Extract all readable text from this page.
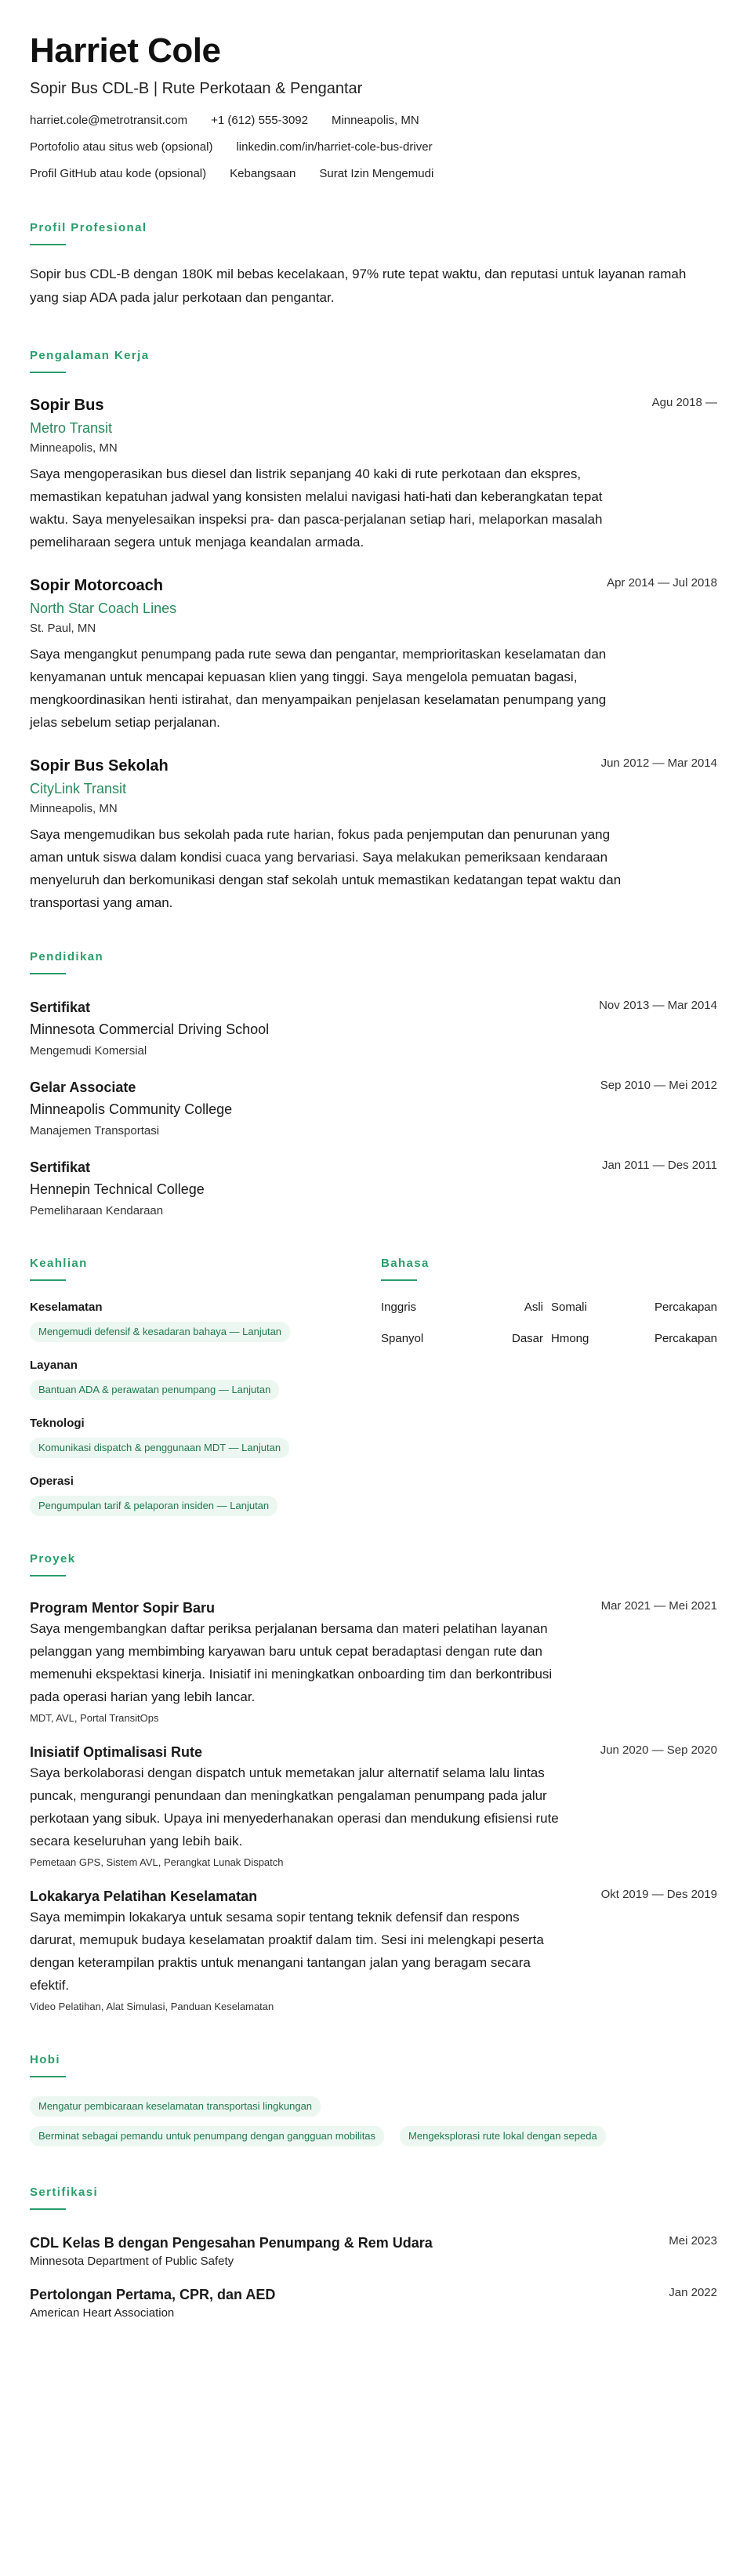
Harriet Cole
Sopir Bus CDL-B | Rute Perkotaan & Pengantar
harriet.cole@metrotransit.com +1 (612) 555-3092 Minneapolis, MN
Portofolio atau situs web (opsional) linkedin.com/in/harriet-cole-bus-driver
Profil GitHub atau kode (opsional) Kebangsaan Surat Izin Mengemudi
Profil Profesional
Sopir bus CDL-B dengan 180K mil bebas kecelakaan, 97% rute tepat waktu, dan reputasi untuk layanan ramah yang siap ADA pada jalur perkotaan dan pengantar.
Pengalaman Kerja
Sopir Bus	Agu 2018 —
Metro Transit
Minneapolis, MN
Saya mengoperasikan bus diesel dan listrik sepanjang 40 kaki di rute perkotaan dan ekspres, memastikan kepatuhan jadwal yang konsisten melalui navigasi hati-hati dan keberangkatan tepat waktu. Saya menyelesaikan inspeksi pra- dan pasca-perjalanan setiap hari, melaporkan masalah pemeliharaan segera untuk menjaga keandalan armada.
Sopir Motorcoach	Apr 2014 — Jul 2018
North Star Coach Lines
St. Paul, MN
Saya mengangkut penumpang pada rute sewa dan pengantar, memprioritaskan keselamatan dan kenyamanan untuk mencapai kepuasan klien yang tinggi. Saya mengelola pemuatan bagasi, mengkoordinasikan henti istirahat, dan menyampaikan penjelasan keselamatan penumpang yang jelas sebelum setiap perjalanan.
Sopir Bus Sekolah	Jun 2012 — Mar 2014
CityLink Transit
Minneapolis, MN
Saya mengemudikan bus sekolah pada rute harian, fokus pada penjemputan dan penurunan yang aman untuk siswa dalam kondisi cuaca yang bervariasi. Saya melakukan pemeriksaan kendaraan menyeluruh dan berkomunikasi dengan staf sekolah untuk memastikan kedatangan tepat waktu dan transportasi yang aman.
Pendidikan
Sertifikat	Nov 2013 — Mar 2014
Minnesota Commercial Driving School
Mengemudi Komersial
Gelar Associate	Sep 2010 — Mei 2012
Minneapolis Community College
Manajemen Transportasi
Sertifikat	Jan 2011 — Des 2011
Hennepin Technical College
Pemeliharaan Kendaraan
Keahlian
Keselamatan
Mengemudi defensif & kesadaran bahaya — Lanjutan
Layanan
Bantuan ADA & perawatan penumpang — Lanjutan
Teknologi
Komunikasi dispatch & penggunaan MDT — Lanjutan
Operasi
Pengumpulan tarif & pelaporan insiden — Lanjutan
Bahasa
Inggris	Asli Somali	Percakapan
Spanyol	Dasar Hmong	Percakapan
Proyek
Program Mentor Sopir Baru	Mar 2021 — Mei 2021
Saya mengembangkan daftar periksa perjalanan bersama dan materi pelatihan layanan pelanggan yang membimbing karyawan baru untuk cepat beradaptasi dengan rute dan memenuhi ekspektasi kinerja. Inisiatif ini meningkatkan onboarding tim dan berkontribusi pada operasi harian yang lebih lancar.
MDT, AVL, Portal TransitOps
Inisiatif Optimalisasi Rute	Jun 2020 — Sep 2020
Saya berkolaborasi dengan dispatch untuk memetakan jalur alternatif selama lalu lintas puncak, mengurangi penundaan dan meningkatkan pengalaman penumpang pada jalur perkotaan yang sibuk. Upaya ini menyederhanakan operasi dan mendukung efisiensi rute secara keseluruhan yang lebih baik.
Pemetaan GPS, Sistem AVL, Perangkat Lunak Dispatch
Lokakarya Pelatihan Keselamatan	Okt 2019 — Des 2019
Saya memimpin lokakarya untuk sesama sopir tentang teknik defensif dan respons darurat, memupuk budaya keselamatan proaktif dalam tim. Sesi ini melengkapi peserta dengan keterampilan praktis untuk menangani tantangan jalan yang beragam secara efektif.
Video Pelatihan, Alat Simulasi, Panduan Keselamatan
Hobi
Mengatur pembicaraan keselamatan transportasi lingkungan
Berminat sebagai pemandu untuk penumpang dengan gangguan mobilitas	Mengeksplorasi rute lokal dengan sepeda
Sertifikasi
CDL Kelas B dengan Pengesahan Penumpang & Rem Udara	Mei 2023
Minnesota Department of Public Safety
Pertolongan Pertama, CPR, dan AED	Jan 2022
American Heart Association
